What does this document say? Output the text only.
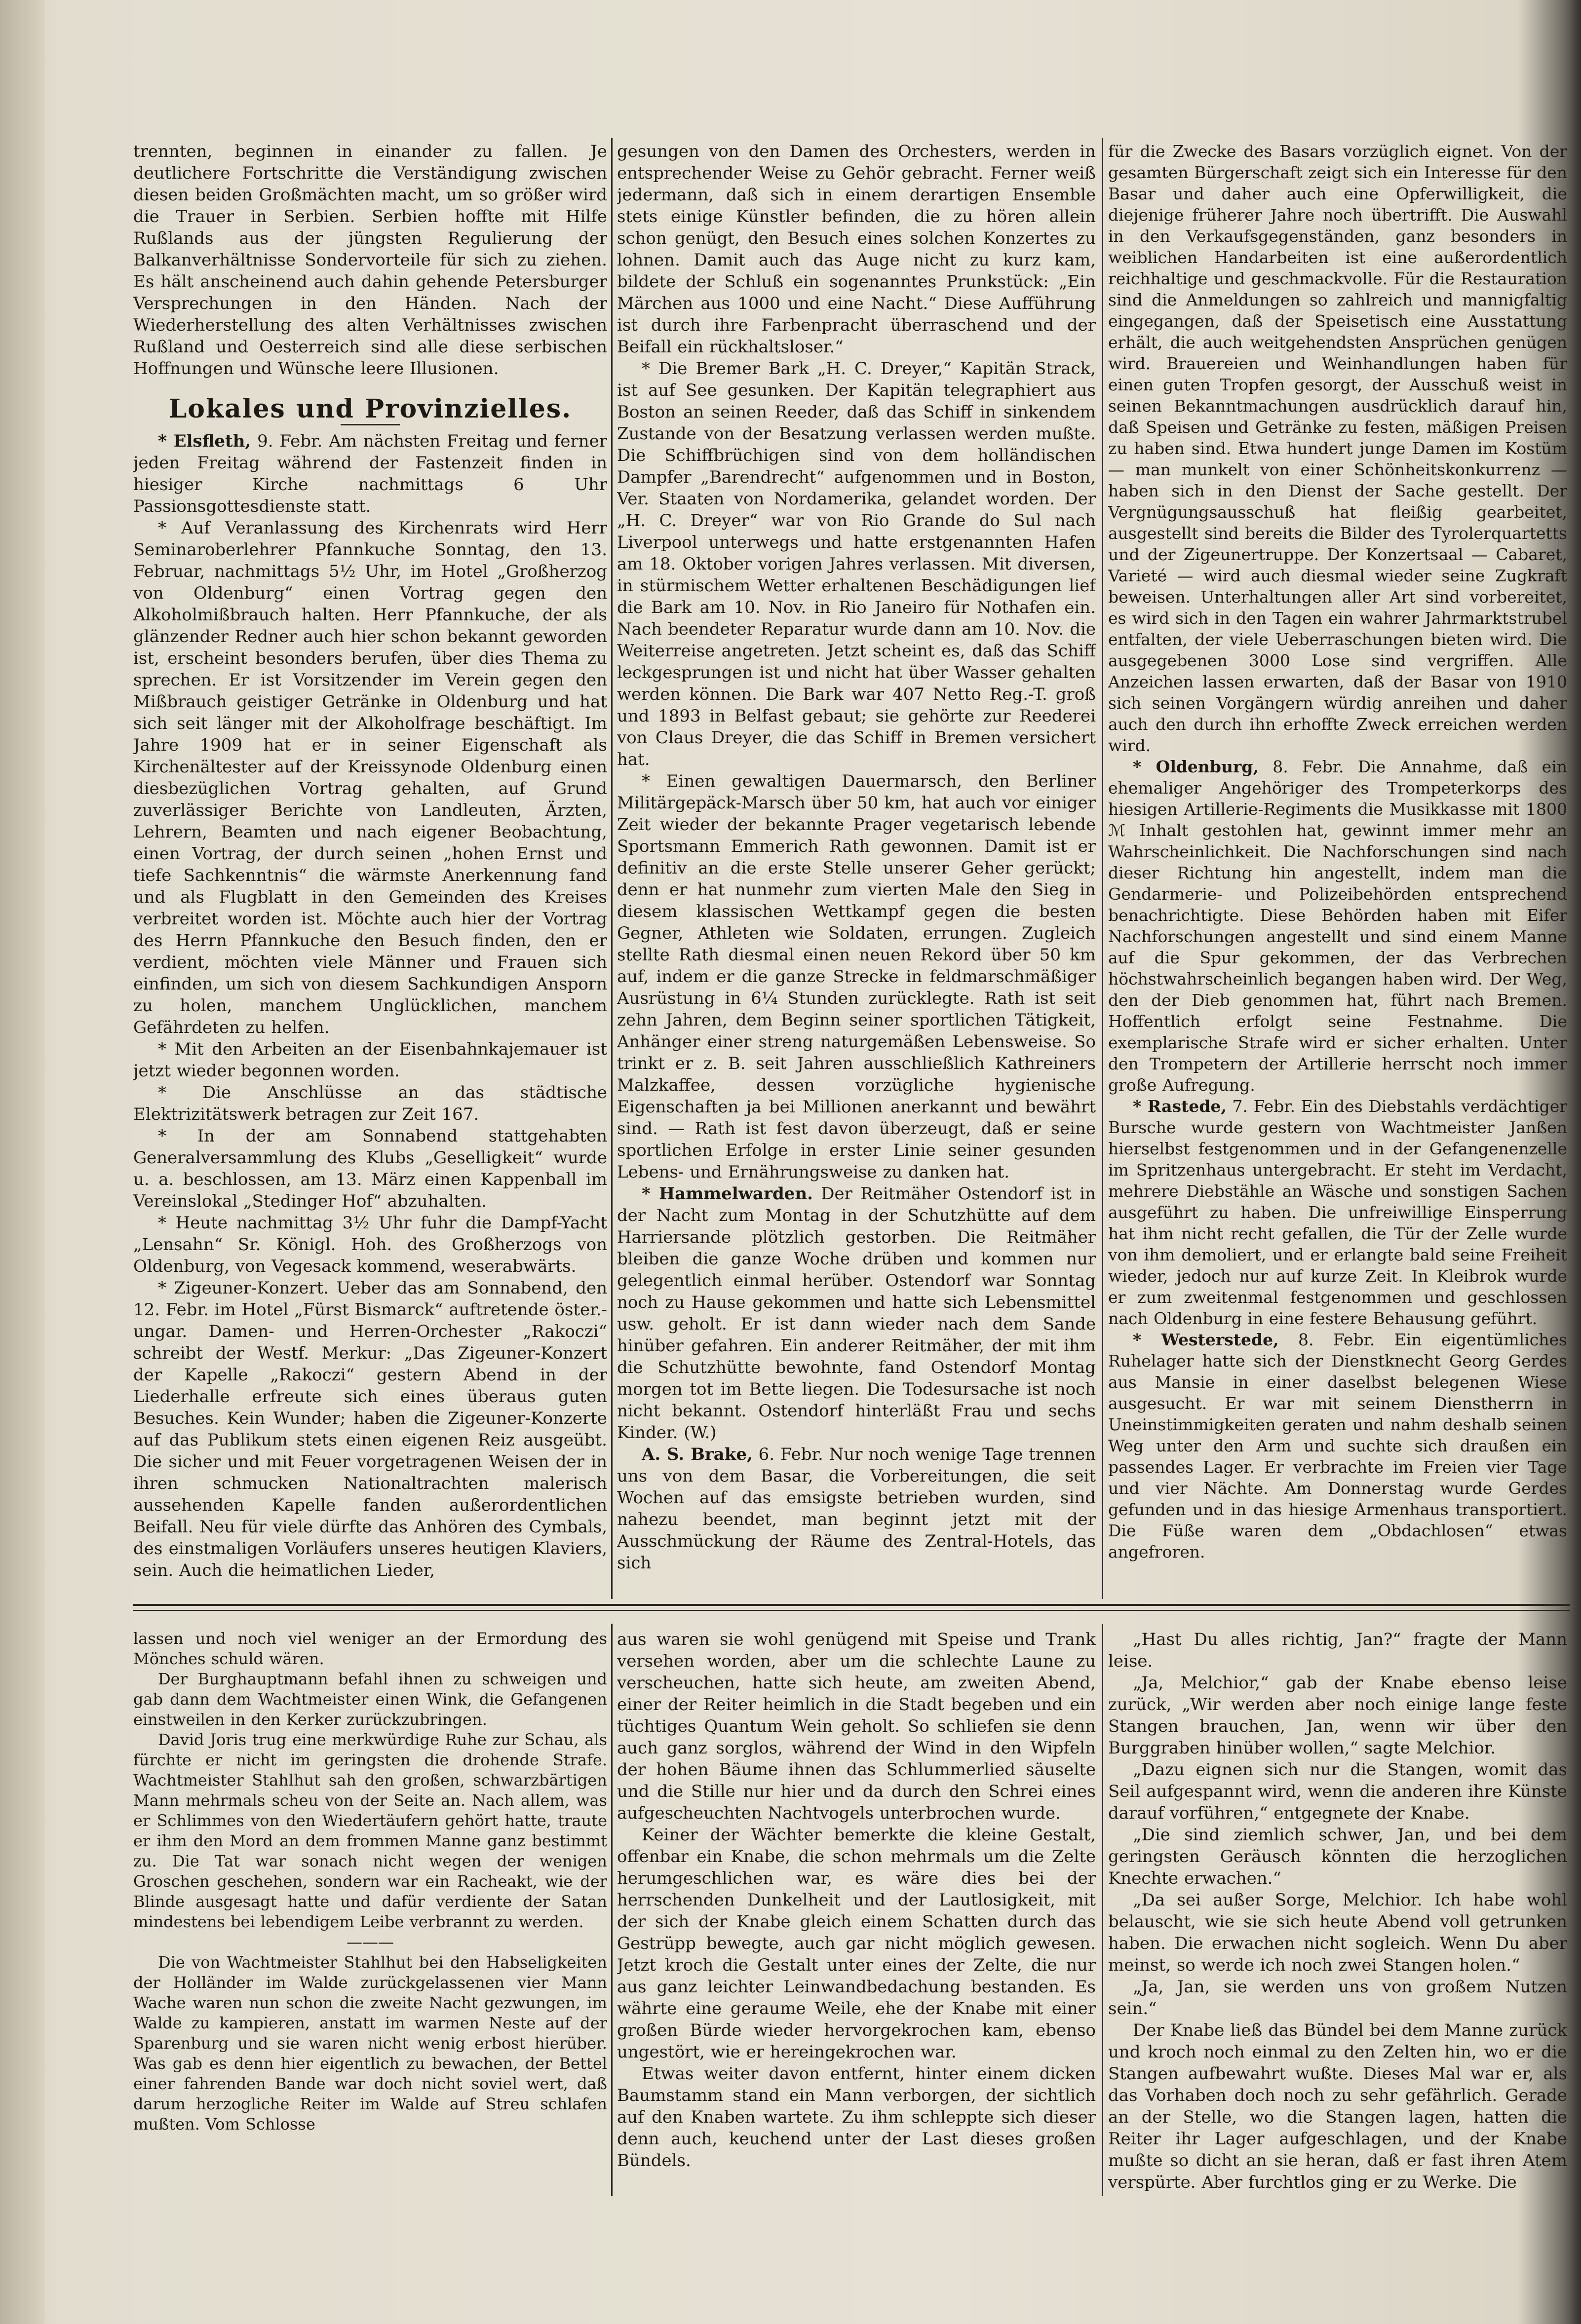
trennten, beginnen in einander zu fallen. Je deutlichere Fortschritte die Verständigung zwischen diesen beiden Großmächten macht, um so größer wird die Trauer in Serbien. Serbien hoffte mit Hilfe Rußlands aus der jüngsten Regulierung der Balkanverhältnisse Sondervorteile für sich zu ziehen. Es hält anscheinend auch dahin gehende Petersburger Versprechungen in den Händen. Nach der Wiederherstellung des alten Verhältnisses zwischen Rußland und Oesterreich sind alle diese serbischen Hoffnungen und Wünsche leere Illusionen.

Lokales und Provinzielles.

* Elsfleth, 9. Febr. Am nächsten Freitag und ferner jeden Freitag während der Fastenzeit finden in hiesiger Kirche nachmittags 6 Uhr Passionsgottesdienste statt.

* Auf Veranlassung des Kirchenrats wird Herr Seminaroberlehrer Pfannkuche Sonntag, den 13. Februar, nachmittags 5½ Uhr, im Hotel „Großherzog von Oldenburg“ einen Vortrag gegen den Alkoholmißbrauch halten. Herr Pfannkuche, der als glänzender Redner auch hier schon bekannt geworden ist, erscheint besonders berufen, über dies Thema zu sprechen. Er ist Vorsitzender im Verein gegen den Mißbrauch geistiger Getränke in Oldenburg und hat sich seit länger mit der Alkoholfrage beschäftigt. Im Jahre 1909 hat er in seiner Eigenschaft als Kirchenältester auf der Kreissynode Oldenburg einen diesbezüglichen Vortrag gehalten, auf Grund zuverlässiger Berichte von Landleuten, Ärzten, Lehrern, Beamten und nach eigener Beobachtung, einen Vortrag, der durch seinen „hohen Ernst und tiefe Sachkenntnis“ die wärmste Anerkennung fand und als Flugblatt in den Gemeinden des Kreises verbreitet worden ist. Möchte auch hier der Vortrag des Herrn Pfannkuche den Besuch finden, den er verdient, möchten viele Männer und Frauen sich einfinden, um sich von diesem Sachkundigen Ansporn zu holen, manchem Unglücklichen, manchem Gefährdeten zu helfen.

* Mit den Arbeiten an der Eisenbahnkajemauer ist jetzt wieder begonnen worden.

* Die Anschlüsse an das städtische Elektrizitätswerk betragen zur Zeit 167.

* In der am Sonnabend stattgehabten Generalversammlung des Klubs „Geselligkeit“ wurde u. a. beschlossen, am 13. März einen Kappenball im Vereinslokal „Stedinger Hof“ abzuhalten.

* Heute nachmittag 3½ Uhr fuhr die Dampf-Yacht „Lensahn“ Sr. Königl. Hoh. des Großherzogs von Oldenburg, von Vegesack kommend, weserabwärts.

* Zigeuner-Konzert. Ueber das am Sonnabend, den 12. Febr. im Hotel „Fürst Bismarck“ auftretende öster.-ungar. Damen- und Herren-Orchester „Rakoczi“ schreibt der Westf. Merkur: „Das Zigeuner-Konzert der Kapelle „Rakoczi“ gestern Abend in der Liederhalle erfreute sich eines überaus guten Besuches. Kein Wunder; haben die Zigeuner-Konzerte auf das Publikum stets einen eigenen Reiz ausgeübt. Die sicher und mit Feuer vorgetragenen Weisen der in ihren schmucken Nationaltrachten malerisch aussehenden Kapelle fanden außerordentlichen Beifall. Neu für viele dürfte das Anhören des Cymbals, des einstmaligen Vorläufers unseres heutigen Klaviers, sein. Auch die heimatlichen Lieder,

gesungen von den Damen des Orchesters, werden in entsprechender Weise zu Gehör gebracht. Ferner weiß jedermann, daß sich in einem derartigen Ensemble stets einige Künstler befinden, die zu hören allein schon genügt, den Besuch eines solchen Konzertes zu lohnen. Damit auch das Auge nicht zu kurz kam, bildete der Schluß ein sogenanntes Prunkstück: „Ein Märchen aus 1000 und eine Nacht.“ Diese Aufführung ist durch ihre Farbenpracht überraschend und der Beifall ein rückhaltsloser.“

* Die Bremer Bark „H. C. Dreyer,“ Kapitän Strack, ist auf See gesunken. Der Kapitän telegraphiert aus Boston an seinen Reeder, daß das Schiff in sinkendem Zustande von der Besatzung verlassen werden mußte. Die Schiffbrüchigen sind von dem holländischen Dampfer „Barendrecht“ aufgenommen und in Boston, Ver. Staaten von Nordamerika, gelandet worden. Der „H. C. Dreyer“ war von Rio Grande do Sul nach Liverpool unterwegs und hatte erstgenannten Hafen am 18. Oktober vorigen Jahres verlassen. Mit diversen, in stürmischem Wetter erhaltenen Beschädigungen lief die Bark am 10. Nov. in Rio Janeiro für Nothafen ein. Nach beendeter Reparatur wurde dann am 10. Nov. die Weiterreise angetreten. Jetzt scheint es, daß das Schiff leckgesprungen ist und nicht hat über Wasser gehalten werden können. Die Bark war 407 Netto Reg.-T. groß und 1893 in Belfast gebaut; sie gehörte zur Reederei von Claus Dreyer, die das Schiff in Bremen versichert hat.

* Einen gewaltigen Dauermarsch, den Berliner Militärgepäck-Marsch über 50 km, hat auch vor einiger Zeit wieder der bekannte Prager vegetarisch lebende Sportsmann Emmerich Rath gewonnen. Damit ist er definitiv an die erste Stelle unserer Geher gerückt; denn er hat nunmehr zum vierten Male den Sieg in diesem klassischen Wettkampf gegen die besten Gegner, Athleten wie Soldaten, errungen. Zugleich stellte Rath diesmal einen neuen Rekord über 50 km auf, indem er die ganze Strecke in feldmarschmäßiger Ausrüstung in 6¼ Stunden zurücklegte. Rath ist seit zehn Jahren, dem Beginn seiner sportlichen Tätigkeit, Anhänger einer streng naturgemäßen Lebensweise. So trinkt er z. B. seit Jahren ausschließlich Kathreiners Malzkaffee, dessen vorzügliche hygienische Eigenschaften ja bei Millionen anerkannt und bewährt sind. — Rath ist fest davon überzeugt, daß er seine sportlichen Erfolge in erster Linie seiner gesunden Lebens- und Ernährungsweise zu danken hat.

* Hammelwarden. Der Reitmäher Ostendorf ist in der Nacht zum Montag in der Schutzhütte auf dem Harriersande plötzlich gestorben. Die Reitmäher bleiben die ganze Woche drüben und kommen nur gelegentlich einmal herüber. Ostendorf war Sonntag noch zu Hause gekommen und hatte sich Lebensmittel usw. geholt. Er ist dann wieder nach dem Sande hinüber gefahren. Ein anderer Reitmäher, der mit ihm die Schutzhütte bewohnte, fand Ostendorf Montag morgen tot im Bette liegen. Die Todesursache ist noch nicht bekannt. Ostendorf hinterläßt Frau und sechs Kinder. (W.)

A. S. Brake, 6. Febr. Nur noch wenige Tage trennen uns von dem Basar, die Vorbereitungen, die seit Wochen auf das emsigste betrieben wurden, sind nahezu beendet, man beginnt jetzt mit der Ausschmückung der Räume des Zentral-Hotels, das sich

für die Zwecke des Basars vorzüglich eignet. Von der gesamten Bürgerschaft zeigt sich ein Interesse für den Basar und daher auch eine Opferwilligkeit, die diejenige früherer Jahre noch übertrifft. Die Auswahl in den Verkaufsgegenständen, ganz besonders in weiblichen Handarbeiten ist eine außerordentlich reichhaltige und geschmackvolle. Für die Restauration sind die Anmeldungen so zahlreich und mannigfaltig eingegangen, daß der Speisetisch eine Ausstattung erhält, die auch weitgehendsten Ansprüchen genügen wird. Brauereien und Weinhandlungen haben für einen guten Tropfen gesorgt, der Ausschuß weist in seinen Bekanntmachungen ausdrücklich darauf hin, daß Speisen und Getränke zu festen, mäßigen Preisen zu haben sind. Etwa hundert junge Damen im Kostüm — man munkelt von einer Schönheitskonkurrenz — haben sich in den Dienst der Sache gestellt. Der Vergnügungsausschuß hat fleißig gearbeitet, ausgestellt sind bereits die Bilder des Tyrolerquartetts und der Zigeunertruppe. Der Konzertsaal — Cabaret, Varieté — wird auch diesmal wieder seine Zugkraft beweisen. Unterhaltungen aller Art sind vorbereitet, es wird sich in den Tagen ein wahrer Jahrmarktstrubel entfalten, der viele Ueberraschungen bieten wird. Die ausgegebenen 3000 Lose sind vergriffen. Alle Anzeichen lassen erwarten, daß der Basar von 1910 sich seinen Vorgängern würdig anreihen und daher auch den durch ihn erhoffte Zweck erreichen werden wird.

* Oldenburg, 8. Febr. Die Annahme, daß ein ehemaliger Angehöriger des Trompeterkorps des hiesigen Artillerie-Regiments die Musikkasse mit 1800 ℳ Inhalt gestohlen hat, gewinnt immer mehr an Wahrscheinlichkeit. Die Nachforschungen sind nach dieser Richtung hin angestellt, indem man die Gendarmerie- und Polizeibehörden entsprechend benachrichtigte. Diese Behörden haben mit Eifer Nachforschungen angestellt und sind einem Manne auf die Spur gekommen, der das Verbrechen höchstwahrscheinlich begangen haben wird. Der Weg, den der Dieb genommen hat, führt nach Bremen. Hoffentlich erfolgt seine Festnahme. Die exemplarische Strafe wird er sicher erhalten. Unter den Trompetern der Artillerie herrscht noch immer große Aufregung.

* Rastede, 7. Febr. Ein des Diebstahls verdächtiger Bursche wurde gestern von Wachtmeister Janßen hierselbst festgenommen und in der Gefangenenzelle im Spritzenhaus untergebracht. Er steht im Verdacht, mehrere Diebstähle an Wäsche und sonstigen Sachen ausgeführt zu haben. Die unfreiwillige Einsperrung hat ihm nicht recht gefallen, die Tür der Zelle wurde von ihm demoliert, und er erlangte bald seine Freiheit wieder, jedoch nur auf kurze Zeit. In Kleibrok wurde er zum zweitenmal festgenommen und geschlossen nach Oldenburg in eine festere Behausung geführt.

* Westerstede, 8. Febr. Ein eigentümliches Ruhelager hatte sich der Dienstknecht Georg Gerdes aus Mansie in einer daselbst belegenen Wiese ausgesucht. Er war mit seinem Dienstherrn in Uneinstimmigkeiten geraten und nahm deshalb seinen Weg unter den Arm und suchte sich draußen ein passendes Lager. Er verbrachte im Freien vier Tage und vier Nächte. Am Donnerstag wurde Gerdes gefunden und in das hiesige Armenhaus transportiert. Die Füße waren dem „Obdachlosen“ etwas angefroren.

lassen und noch viel weniger an der Ermordung des Mönches schuld wären.

Der Burghauptmann befahl ihnen zu schweigen und gab dann dem Wachtmeister einen Wink, die Gefangenen einstweilen in den Kerker zurückzubringen.

David Joris trug eine merkwürdige Ruhe zur Schau, als fürchte er nicht im geringsten die drohende Strafe. Wachtmeister Stahlhut sah den großen, schwarzbärtigen Mann mehrmals scheu von der Seite an. Nach allem, was er Schlimmes von den Wiedertäufern gehört hatte, traute er ihm den Mord an dem frommen Manne ganz bestimmt zu. Die Tat war sonach nicht wegen der wenigen Groschen geschehen, sondern war ein Racheakt, wie der Blinde ausgesagt hatte und dafür verdiente der Satan mindestens bei lebendigem Leibe verbrannt zu werden.

———

Die von Wachtmeister Stahlhut bei den Habseligkeiten der Holländer im Walde zurückgelassenen vier Mann Wache waren nun schon die zweite Nacht gezwungen, im Walde zu kampieren, anstatt im warmen Neste auf der Sparenburg und sie waren nicht wenig erbost hierüber. Was gab es denn hier eigentlich zu bewachen, der Bettel einer fahrenden Bande war doch nicht soviel wert, daß darum herzogliche Reiter im Walde auf Streu schlafen mußten. Vom Schlosse

aus waren sie wohl genügend mit Speise und Trank versehen worden, aber um die schlechte Laune zu verscheuchen, hatte sich heute, am zweiten Abend, einer der Reiter heimlich in die Stadt begeben und ein tüchtiges Quantum Wein geholt. So schliefen sie denn auch ganz sorglos, während der Wind in den Wipfeln der hohen Bäume ihnen das Schlummerlied säuselte und die Stille nur hier und da durch den Schrei eines aufgescheuchten Nachtvogels unterbrochen wurde.

Keiner der Wächter bemerkte die kleine Gestalt, offenbar ein Knabe, die schon mehrmals um die Zelte herumgeschlichen war, es wäre dies bei der herrschenden Dunkelheit und der Lautlosigkeit, mit der sich der Knabe gleich einem Schatten durch das Gestrüpp bewegte, auch gar nicht möglich gewesen. Jetzt kroch die Gestalt unter eines der Zelte, die nur aus ganz leichter Leinwandbedachung bestanden. Es währte eine geraume Weile, ehe der Knabe mit einer großen Bürde wieder hervorgekrochen kam, ebenso ungestört, wie er hereingekrochen war.

Etwas weiter davon entfernt, hinter einem dicken Baumstamm stand ein Mann verborgen, der sichtlich auf den Knaben wartete. Zu ihm schleppte sich dieser denn auch, keuchend unter der Last dieses großen Bündels.

„Hast Du alles richtig, Jan?“ fragte der Mann leise.

„Ja, Melchior,“ gab der Knabe ebenso leise zurück, „Wir werden aber noch einige lange feste Stangen brauchen, Jan, wenn wir über den Burggraben hinüber wollen,“ sagte Melchior.

„Dazu eignen sich nur die Stangen, womit das Seil aufgespannt wird, wenn die anderen ihre Künste darauf vorführen,“ entgegnete der Knabe.

„Die sind ziemlich schwer, Jan, und bei dem geringsten Geräusch könnten die herzoglichen Knechte erwachen.“

„Da sei außer Sorge, Melchior. Ich habe wohl belauscht, wie sie sich heute Abend voll getrunken haben. Die erwachen nicht sogleich. Wenn Du aber meinst, so werde ich noch zwei Stangen holen.“

„Ja, Jan, sie werden uns von großem Nutzen sein.“

Der Knabe ließ das Bündel bei dem Manne zurück und kroch noch einmal zu den Zelten hin, wo er die Stangen aufbewahrt wußte. Dieses Mal war er, als das Vorhaben doch noch zu sehr gefährlich. Gerade an der Stelle, wo die Stangen lagen, hatten die Reiter ihr Lager aufgeschlagen, und der Knabe mußte so dicht an sie heran, daß er fast ihren Atem verspürte. Aber furchtlos ging er zu Werke. Die
